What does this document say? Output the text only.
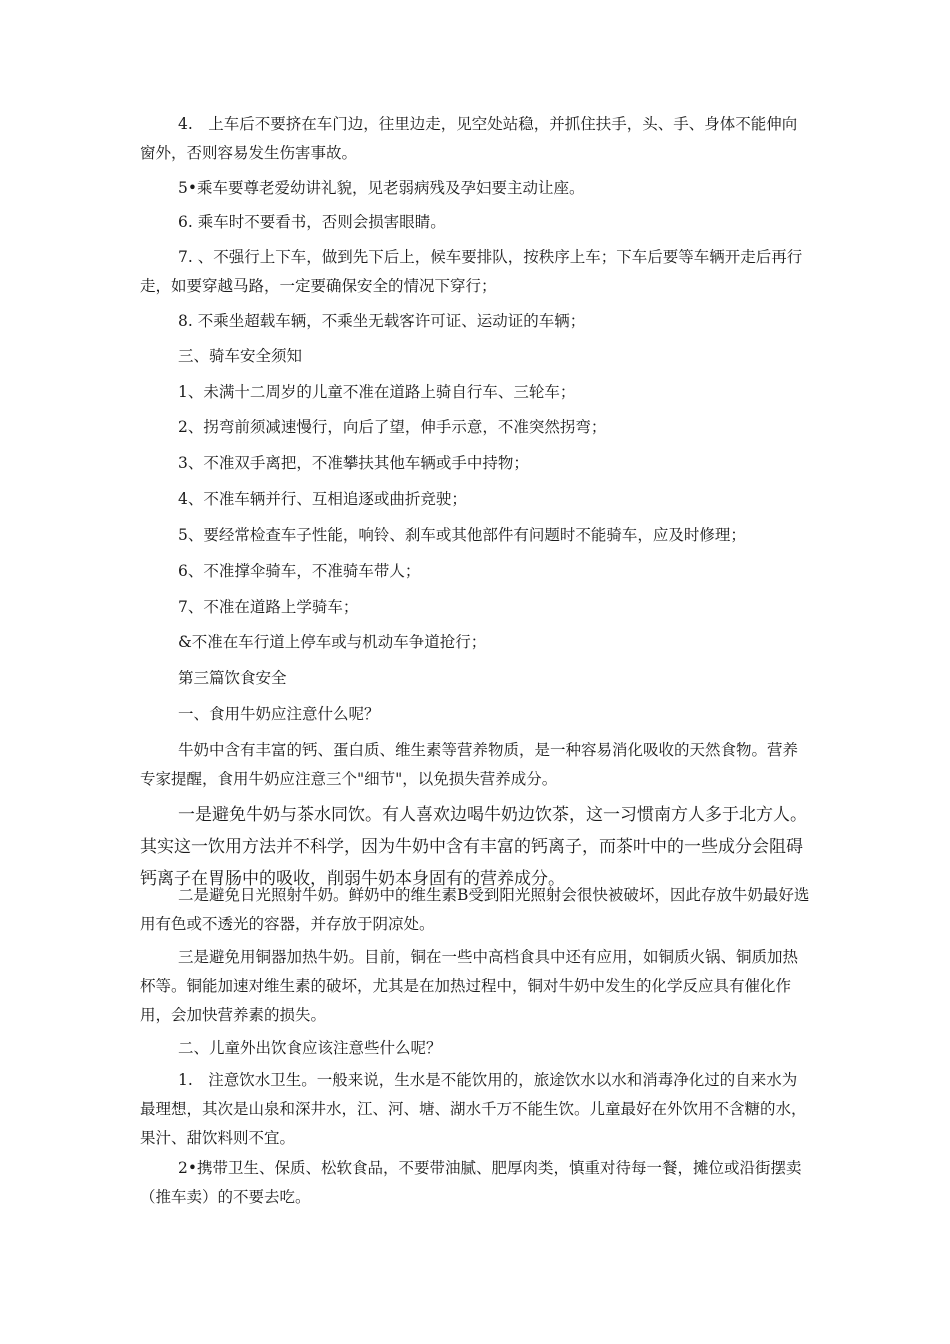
4.　上车后不要挤在车门边，往里边走，见空处站稳，并抓住扶手，头、手、身体不能伸向窗外，否则容易发生伤害事故。

5•乘车要尊老爱幼讲礼貌，见老弱病残及孕妇要主动让座。

6. 乘车时不要看书，否则会损害眼睛。

7. 、不强行上下车，做到先下后上，候车要排队，按秩序上车；下车后要等车辆开走后再行走，如要穿越马路，一定要确保安全的情况下穿行；

8. 不乘坐超载车辆，不乘坐无载客许可证、运动证的车辆；

三、骑车安全须知

1、未满十二周岁的儿童不准在道路上骑自行车、三轮车；

2、拐弯前须减速慢行，向后了望，伸手示意，不准突然拐弯；

3、不准双手离把，不准攀扶其他车辆或手中持物；

4、不准车辆并行、互相追逐或曲折竞驶；

5、要经常检查车子性能，响铃、刹车或其他部件有问题时不能骑车，应及时修理；

6、不准撑伞骑车，不准骑车带人；

7、不准在道路上学骑车；

&不准在车行道上停车或与机动车争道抢行；

第三篇饮食安全

一、食用牛奶应注意什么呢？

牛奶中含有丰富的钙、蛋白质、维生素等营养物质，是一种容易消化吸收的天然食物。营养专家提醒，食用牛奶应注意三个"细节"，以免损失营养成分。

一是避免牛奶与茶水同饮。有人喜欢边喝牛奶边饮茶，这一习惯南方人多于北方人。其实这一饮用方法并不科学，因为牛奶中含有丰富的钙离子，而茶叶中的一些成分会阻碍钙离子在胃肠中的吸收，削弱牛奶本身固有的营养成分。

二是避免日光照射牛奶。鲜奶中的维生素B受到阳光照射会很快被破坏，因此存放牛奶最好选用有色或不透光的容器，并存放于阴凉处。

三是避免用铜器加热牛奶。目前，铜在一些中高档食具中还有应用，如铜质火锅、铜质加热杯等。铜能加速对维生素的破坏，尤其是在加热过程中，铜对牛奶中发生的化学反应具有催化作用，会加快营养素的损失。

二、儿童外出饮食应该注意些什么呢？

1.　注意饮水卫生。一般来说，生水是不能饮用的，旅途饮水以水和消毒净化过的自来水为最理想，其次是山泉和深井水，江、河、塘、湖水千万不能生饮。儿童最好在外饮用不含糖的水，果汁、甜饮料则不宜。

2•携带卫生、保质、松软食品，不要带油腻、肥厚肉类，慎重对待每一餐，摊位或沿街摆卖（推车卖）的不要去吃。
